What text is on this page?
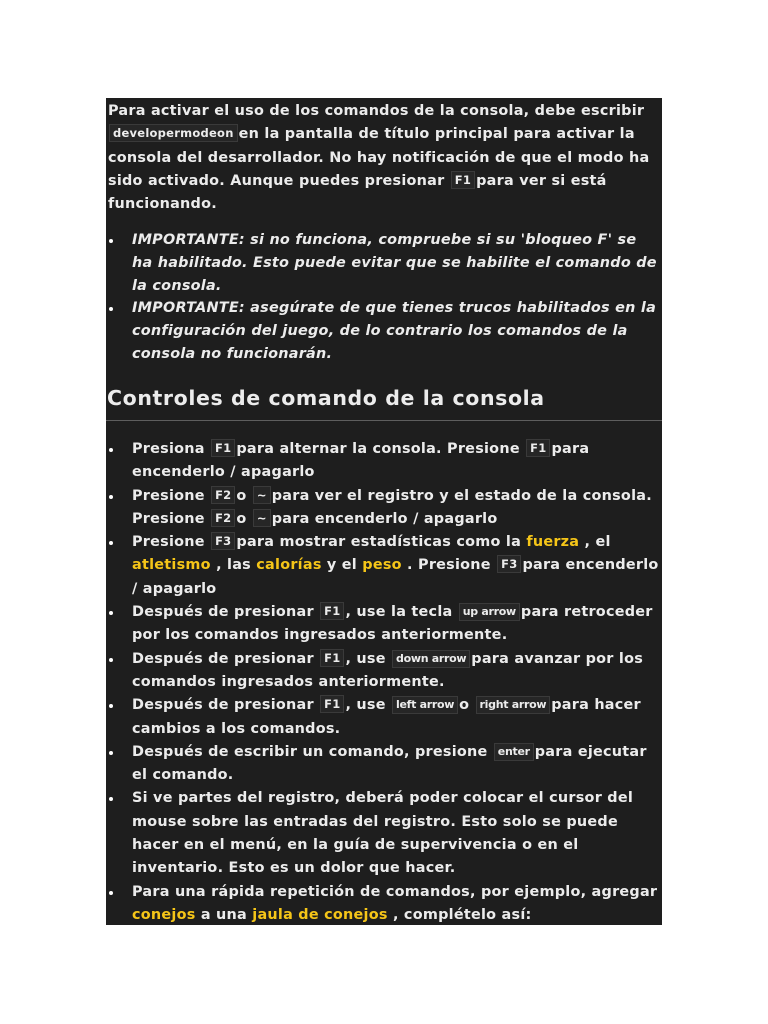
Para activar el uso de los comandos de la consola, debe escribir developermodeon en la pantalla de título principal para activar la consola del desarrollador. No hay notificación de que el modo ha sido activado. Aunque puedes presionar F1 para ver si está funcionando.

IMPORTANTE: si no funciona, compruebe si su 'bloqueo F' se ha habilitado. Esto puede evitar que se habilite el comando de la consola.
IMPORTANTE: asegúrate de que tienes trucos habilitados en la configuración del juego, de lo contrario los comandos de la consola no funcionarán.
Controles de comando de la consola
Presiona F1 para alternar la consola. Presione F1 para encenderlo / apagarlo
Presione F2 o ~ para ver el registro y el estado de la consola. Presione F2 o ~ para encenderlo / apagarlo
Presione F3 para mostrar estadísticas como la fuerza , el atletismo , las calorías y el peso . Presione F3 para encenderlo / apagarlo
Después de presionar F1 , use la tecla up arrow para retroceder por los comandos ingresados anteriormente.
Después de presionar F1 , use down arrow para avanzar por los comandos ingresados anteriormente.
Después de presionar F1 , use left arrow o right arrow para hacer cambios a los comandos.
Después de escribir un comando, presione enter para ejecutar el comando.
Si ve partes del registro, deberá poder colocar el cursor del mouse sobre las entradas del registro. Esto solo se puede hacer en el menú, en la guía de supervivencia o en el inventario. Esto es un dolor que hacer.
Para una rápida repetición de comandos, por ejemplo, agregar conejos a una jaula de conejos , complételo así:
